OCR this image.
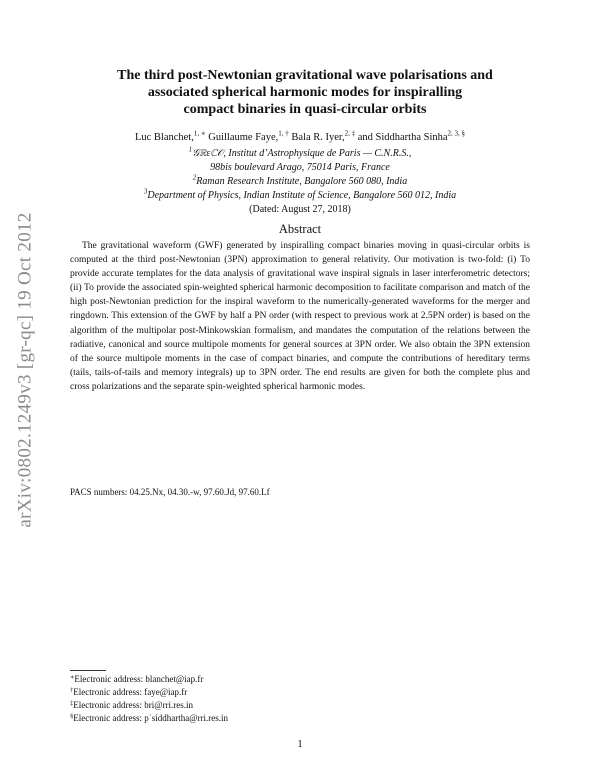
arXiv:0802.1249v3 [gr-qc] 19 Oct 2012
The third post-Newtonian gravitational wave polarisations and
associated spherical harmonic modes for inspiralling
compact binaries in quasi-circular orbits
Luc Blanchet,$^{1, ∗}$ Guillaume Faye,$^{1, \dagger}$ Bala R. Iyer,$^{2, \ddagger}$ and Siddhartha Sinha$^{2, 3, \S}$
$^1$𝒢ℝεℂ𝒪, Institut d’Astrophysique de Paris — C.N.R.S.,
98bis boulevard Arago, 75014 Paris, France
$^2$Raman Research Institute, Bangalore 560 080, India
$^3$Department of Physics, Indian Institute of Science, Bangalore 560 012, India
(Dated: August 27, 2018)
Abstract

The gravitational waveform (GWF) generated by inspiralling compact binaries moving in quasi-circular orbits is computed at the third post-Newtonian (3PN) approximation to general relativity. Our motivation is two-fold: (i) To provide accurate templates for the data analysis of gravitational wave inspiral signals in laser interferometric detectors; (ii) To provide the associated spin-weighted spherical harmonic decomposition to facilitate comparison and match of the high post-Newtonian prediction for the inspiral waveform to the numerically-generated waveforms for the merger and ringdown. This extension of the GWF by half a PN order (with respect to previous work at 2.5PN order) is based on the algorithm of the multipolar post-Minkowskian formalism, and mandates the computation of the relations between the radiative, canonical and source multipole moments for general sources at 3PN order. We also obtain the 3PN extension of the source multipole moments in the case of compact binaries, and compute the contributions of hereditary terms (tails, tails-of-tails and memory integrals) up to 3PN order. The end results are given for both the complete plus and cross polarizations and the separate spin-weighted spherical harmonic modes.

PACS numbers: 04.25.Nx, 04.30.-w, 97.60.Jd, 97.60.Lf
∗Electronic address: blanchet@iap.fr
†Electronic address: faye@iap.fr
‡Electronic address: bri@rri.res.in
§Electronic address: p˙siddhartha@rri.res.in
1
